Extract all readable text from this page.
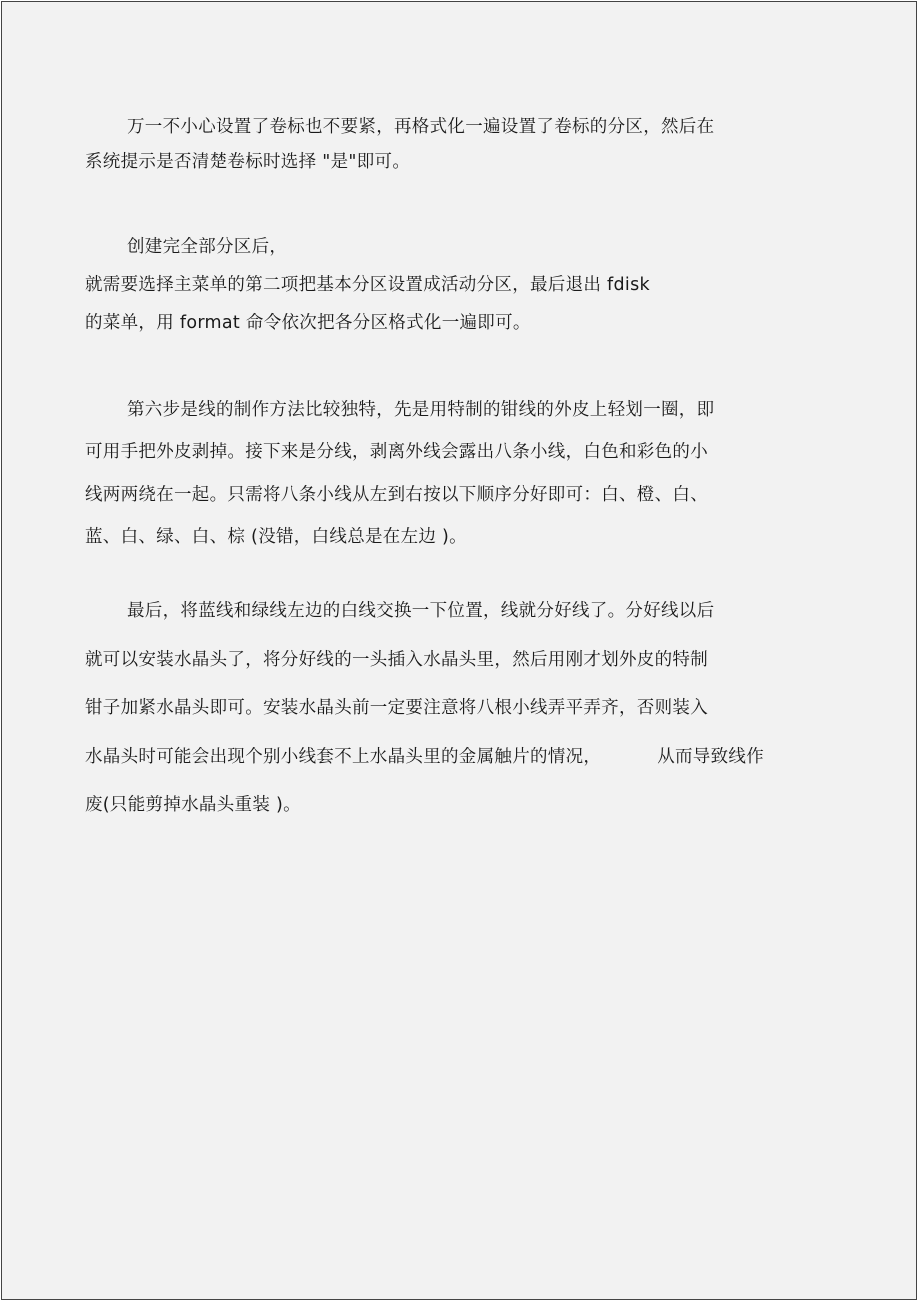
万一不小心设置了卷标也不要紧，再格式化一遍设置了卷标的分区，然后在
系统提示是否清楚卷标时选择 "是"即可。
创建完全部分区后，
就需要选择主菜单的第二项把基本分区设置成活动分区，最后退出 fdisk
的菜单，用 format 命令依次把各分区格式化一遍即可。
第六步是线的制作方法比较独特，先是用特制的钳线的外皮上轻划一圈，即
可用手把外皮剥掉。接下来是分线，剥离外线会露出八条小线，白色和彩色的小
线两两绕在一起。只需将八条小线从左到右按以下顺序分好即可：白、橙、白、
蓝、白、绿、白、棕 (没错，白线总是在左边 )。
最后，将蓝线和绿线左边的白线交换一下位置，线就分好线了。分好线以后
就可以安装水晶头了，将分好线的一头插入水晶头里，然后用刚才划外皮的特制
钳子加紧水晶头即可。安装水晶头前一定要注意将八根小线弄平弄齐，否则装入
水晶头时可能会出现个别小线套不上水晶头里的金属触片的情况，	从而导致线作
废(只能剪掉水晶头重装 )。
